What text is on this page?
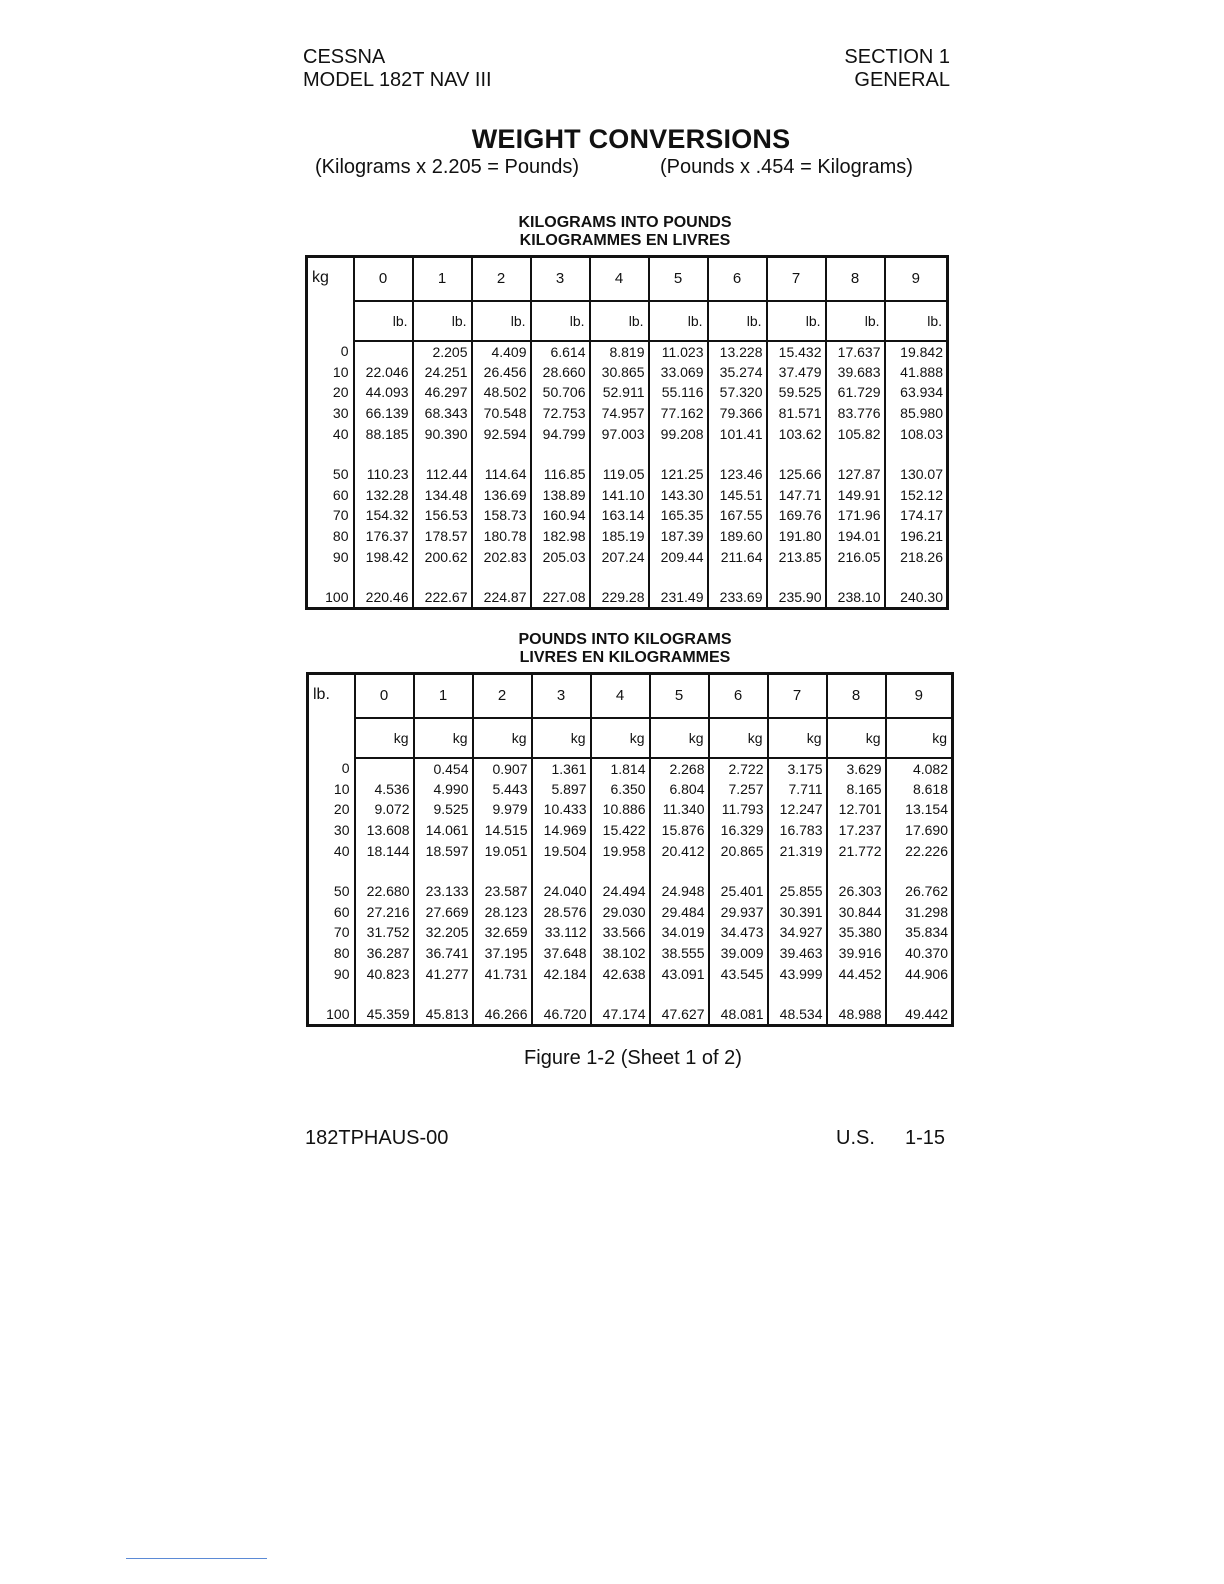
CESSNA
MODEL 182T NAV III
SECTION 1
GENERAL
WEIGHT CONVERSIONS
(Kilograms x 2.205 = Pounds)	(Pounds x .454 = Kilograms)
KILOGRAMS INTO POUNDS
KILOGRAMMES EN LIVRES
kg	0	1	2	3	4	5	6	7	8	9
	lb.	lb.	lb.	lb.	lb.	lb.	lb.	lb.	lb.	lb.
0		2.205	4.409	6.614	8.819	11.023	13.228	15.432	17.637	19.842
10	22.046	24.251	26.456	28.660	30.865	33.069	35.274	37.479	39.683	41.888
20	44.093	46.297	48.502	50.706	52.911	55.116	57.320	59.525	61.729	63.934
30	66.139	68.343	70.548	72.753	74.957	77.162	79.366	81.571	83.776	85.980
40	88.185	90.390	92.594	94.799	97.003	99.208	101.41	103.62	105.82	108.03

50	110.23	112.44	114.64	116.85	119.05	121.25	123.46	125.66	127.87	130.07
60	132.28	134.48	136.69	138.89	141.10	143.30	145.51	147.71	149.91	152.12
70	154.32	156.53	158.73	160.94	163.14	165.35	167.55	169.76	171.96	174.17
80	176.37	178.57	180.78	182.98	185.19	187.39	189.60	191.80	194.01	196.21
90	198.42	200.62	202.83	205.03	207.24	209.44	211.64	213.85	216.05	218.26

100	220.46	222.67	224.87	227.08	229.28	231.49	233.69	235.90	238.10	240.30
POUNDS INTO KILOGRAMS
LIVRES EN KILOGRAMMES
lb.	0	1	2	3	4	5	6	7	8	9
	kg	kg	kg	kg	kg	kg	kg	kg	kg	kg
0		0.454	0.907	1.361	1.814	2.268	2.722	3.175	3.629	4.082
10	4.536	4.990	5.443	5.897	6.350	6.804	7.257	7.711	8.165	8.618
20	9.072	9.525	9.979	10.433	10.886	11.340	11.793	12.247	12.701	13.154
30	13.608	14.061	14.515	14.969	15.422	15.876	16.329	16.783	17.237	17.690
40	18.144	18.597	19.051	19.504	19.958	20.412	20.865	21.319	21.772	22.226

50	22.680	23.133	23.587	24.040	24.494	24.948	25.401	25.855	26.303	26.762
60	27.216	27.669	28.123	28.576	29.030	29.484	29.937	30.391	30.844	31.298
70	31.752	32.205	32.659	33.112	33.566	34.019	34.473	34.927	35.380	35.834
80	36.287	36.741	37.195	37.648	38.102	38.555	39.009	39.463	39.916	40.370
90	40.823	41.277	41.731	42.184	42.638	43.091	43.545	43.999	44.452	44.906

100	45.359	45.813	46.266	46.720	47.174	47.627	48.081	48.534	48.988	49.442
Figure 1-2 (Sheet 1 of 2)
182TPHAUS-00	U.S. 1-15
